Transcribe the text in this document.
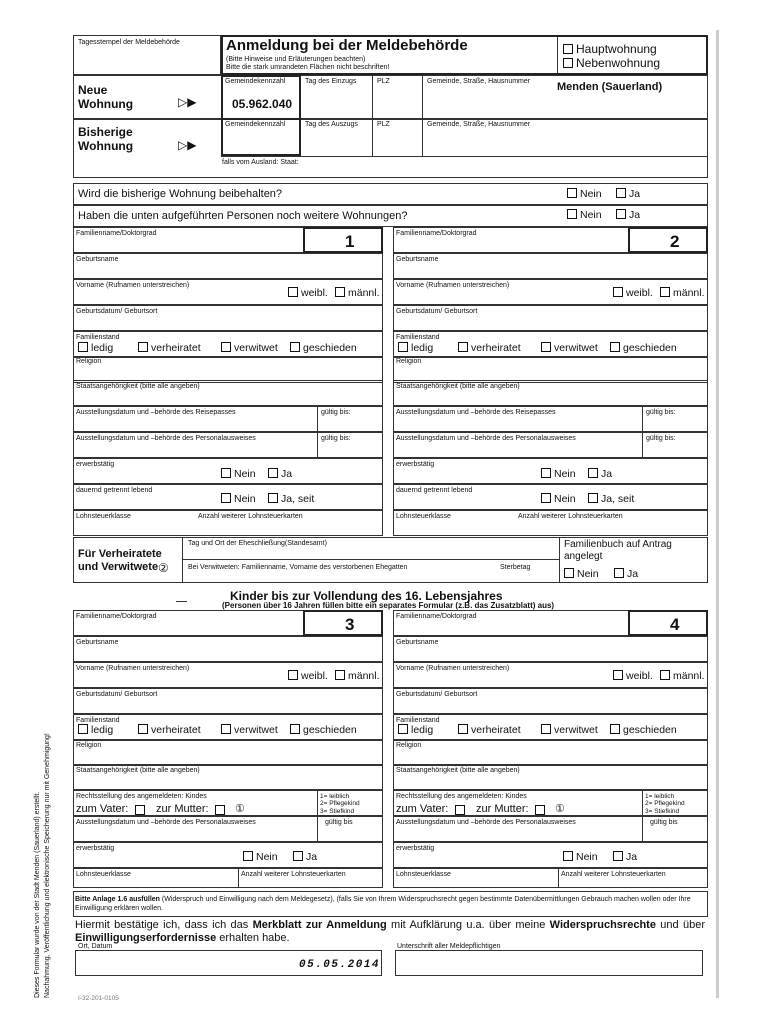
Tagesstempel der Meldebehörde	Anmeldung bei der Meldebehörde
(Bitte Hinweise und Erläuterungen beachten)
Bitte die stark umrandeten Flächen nicht beschriften!
Hauptwohnung
Nebenwohnung
Neue Wohnung	▷▶
Gemeindekennzahl
05.962.040
Tag des Einzugs	PLZ	Gemeinde, Straße, Hausnummer Menden (Sauerland)
Bisherige Wohnung	▷▶
Gemeindekennzahl	Tag des Auszugs	PLZ	Gemeinde, Straße, Hausnummer
falls vom Ausland: Staat:
Wird die bisherige Wohnung beibehalten?	Nein	Ja
Haben die unten aufgeführten Personen noch weitere Wohnungen?	Nein	Ja
1
Familienname/Doktorgrad
Geburtsname
Vorname (Rufnamen unterstreichen)
weibl.	männl.
Geburtsdatum/ Geburtsort
Familienstand
ledig	verheiratet	verwitwet	geschieden
Religion
Staatsangehörigkeit (bitte alle angeben)
Ausstellungsdatum und –behörde des Reisepasses	gültig bis:
Ausstellungsdatum und –behörde des Personalausweises	gültig bis:
erwerbstätig
Nein	Ja
dauernd getrennt lebend
Nein	Ja, seit
Lohnsteuerklasse	Anzahl weiterer Lohnsteuerkarten
2
Familienname/Doktorgrad
Geburtsname
Vorname (Rufnamen unterstreichen)
weibl.	männl.
Geburtsdatum/ Geburtsort
Familienstand
ledig	verheiratet	verwitwet	geschieden
Religion
Staatsangehörigkeit (bitte alle angeben)
Ausstellungsdatum und –behörde des Reisepasses	gültig bis:
Ausstellungsdatum und –behörde des Personalausweises	gültig bis:
erwerbstätig
Nein	Ja
dauernd getrennt lebend
Nein	Ja, seit
Lohnsteuerklasse	Anzahl weiterer Lohnsteuerkarten
Für Verheiratete und Verwitwete ②
Tag und Ort der Eheschließung(Standesamt)
Bei Verwitweten: Familienname, Vorname des verstorbenen Ehegatten	Sterbetag
Familienbuch auf Antrag angelegt
Nein	Ja
Kinder bis zur Vollendung des 16. Lebensjahres
(Personen über 16 Jahren füllen bitte ein separates Formular (z.B. das Zusatzblatt) aus)
3
Familienname/Doktorgrad
Geburtsname
Vorname (Rufnamen unterstreichen)
weibl.	männl.
Geburtsdatum/ Geburtsort
Familienstand
ledig	verheiratet	verwitwet	geschieden
Religion
Staatsangehörigkeit (bitte alle angeben)
Rechtsstellung des angemeldeten: Kindes
zum Vater:	zur Mutter: ①
1= leiblich
2= Pflegekind
3= Stiefkind
Ausstellungsdatum und –behörde des Personalausweises	gültig bis
erwerbstätig
Nein	Ja
Lohnsteuerklasse	Anzahl weiterer Lohnsteuerkarten
4
Familienname/Doktorgrad
Geburtsname
Vorname (Rufnamen unterstreichen)
weibl.	männl.
Geburtsdatum/ Geburtsort
Familienstand
ledig	verheiratet	verwitwet	geschieden
Religion
Staatsangehörigkeit (bitte alle angeben)
Rechtsstellung des angemeldeten: Kindes
zum Vater:	zur Mutter: ①
1= leiblich
2= Pflegekind
3= Stiefkind
Ausstellungsdatum und –behörde des Personalausweises	gültig bis
erwerbstätig
Nein	Ja
Lohnsteuerklasse	Anzahl weiterer Lohnsteuerkarten
Bitte Anlage 1.6 ausfüllen (Widerspruch und Einwilligung nach dem Meldegesetz), (falls Sie von Ihrem Widerspruchsrecht gegen bestimmte Datenübermittlungen Gebrauch machen wollen oder Ihre Einwilligung erklären wollen.
Hiermit bestätige ich, dass ich das Merkblatt zur Anmeldung mit Aufklärung u.a. über meine Widerspruchsrechte und über Einwilligungserfordernisse erhalten habe.
Ort, Datum
05.05.2014
Unterschrift aller Meldepflichtigen
I-32-201-0105
Dieses Formular wurde von der Stadt Menden (Sauerland) erstellt. Nachahmung, Veröffentlichung und elektronische Speicherung nur mit Genehmigung!
